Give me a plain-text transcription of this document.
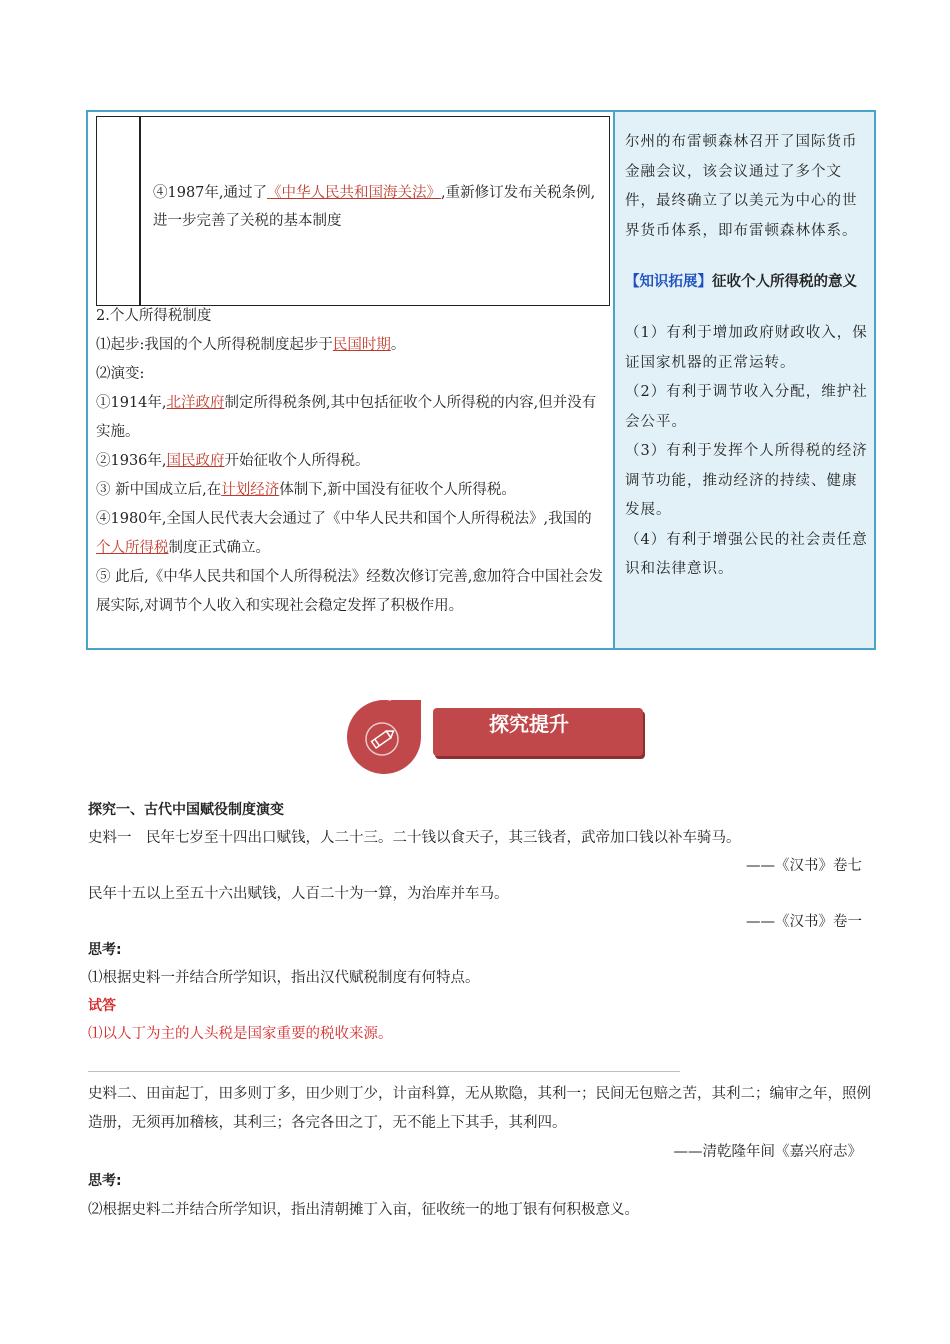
④1987年,通过了《中华人民共和国海关法》,重新修订发布关税条例,进一步完善了关税的基本制度

2.个人所得税制度

⑴起步:我国的个人所得税制度起步于民国时期。

⑵演变:

①1914年,北洋政府制定所得税条例,其中包括征收个人所得税的内容,但并没有实施。

②1936年,国民政府开始征收个人所得税。

③ 新中国成立后,在计划经济体制下,新中国没有征收个人所得税。

④1980年,全国人民代表大会通过了《中华人民共和国个人所得税法》,我国的个人所得税制度正式确立。

⑤ 此后,《中华人民共和国个人所得税法》经数次修订完善,愈加符合中国社会发展实际,对调节个人收入和实现社会稳定发挥了积极作用。

尔州的布雷顿森林召开了国际货币金融会议，该会议通过了多个文件，最终确立了以美元为中心的世界货币体系，即布雷顿森林体系。

【知识拓展】征收个人所得税的意义

（1）有利于增加政府财政收入，保证国家机器的正常运转。

（2）有利于调节收入分配，维护社会公平。

（3）有利于发挥个人所得税的经济调节功能，推动经济的持续、健康发展。

（4）有利于增强公民的社会责任意识和法律意识。

探究提升

探究一、古代中国赋役制度演变

史料一　民年七岁至十四出口赋钱，人二十三。二十钱以食天子，其三钱者，武帝加口钱以补车骑马。

——《汉书》卷七

民年十五以上至五十六出赋钱，人百二十为一算，为治库并车马。

——《汉书》卷一

思考:

⑴根据史料一并结合所学知识，指出汉代赋税制度有何特点。

试答

⑴以人丁为主的人头税是国家重要的税收来源。

史料二、田亩起丁，田多则丁多，田少则丁少，计亩科算，无从欺隐，其利一；民间无包赔之苦，其利二；编审之年，照例造册，无须再加稽核，其利三；各完各田之丁，无不能上下其手，其利四。

——清乾隆年间《嘉兴府志》

思考:

⑵根据史料二并结合所学知识，指出清朝摊丁入亩，征收统一的地丁银有何积极意义。
